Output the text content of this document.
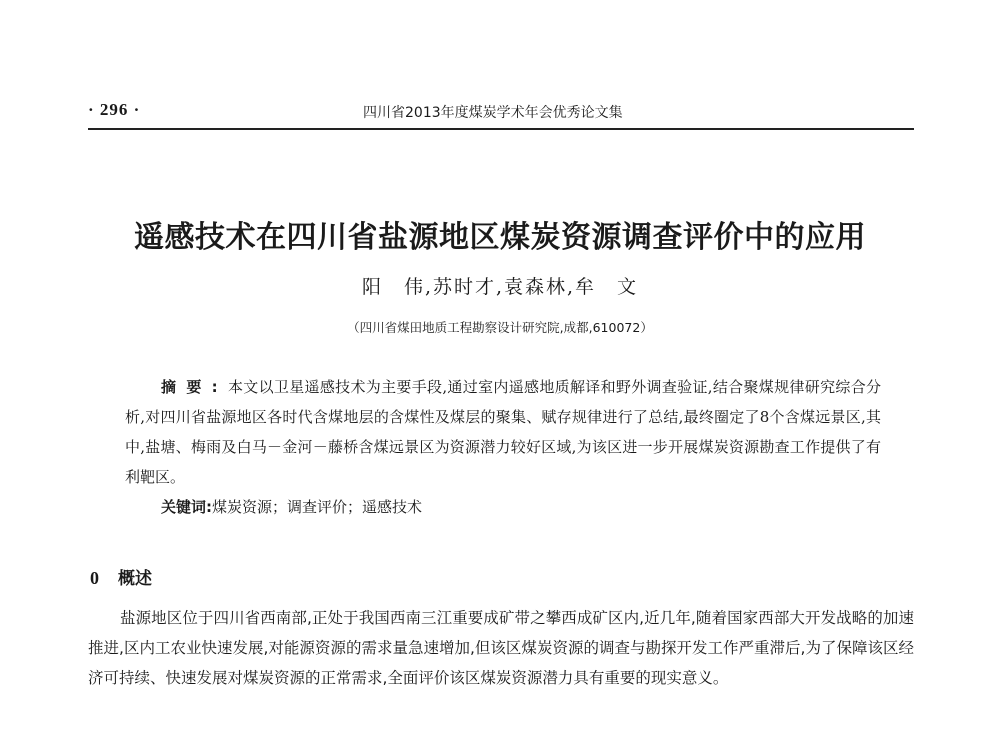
· 296 ·	四川省2013年度煤炭学术年会优秀论文集
遥感技术在四川省盐源地区煤炭资源调查评价中的应用
阳　伟,苏时才,袁森林,牟　文
（四川省煤田地质工程勘察设计研究院,成都,610072）
摘要:本文以卫星遥感技术为主要手段,通过室内遥感地质解译和野外调查验证,结合聚煤规律研究综合分析,对四川省盐源地区各时代含煤地层的含煤性及煤层的聚集、赋存规律进行了总结,最终圈定了8个含煤远景区,其中,盐塘、梅雨及白马－金河－藤桥含煤远景区为资源潜力较好区域,为该区进一步开展煤炭资源勘查工作提供了有利靶区。
关键词:煤炭资源；调查评价；遥感技术
0 概述
盐源地区位于四川省西南部,正处于我国西南三江重要成矿带之攀西成矿区内,近几年,随着国家西部大开发战略的加速推进,区内工农业快速发展,对能源资源的需求量急速增加,但该区煤炭资源的调查与勘探开发工作严重滞后,为了保障该区经济可持续、快速发展对煤炭资源的正常需求,全面评价该区煤炭资源潜力具有重要的现实意义。
